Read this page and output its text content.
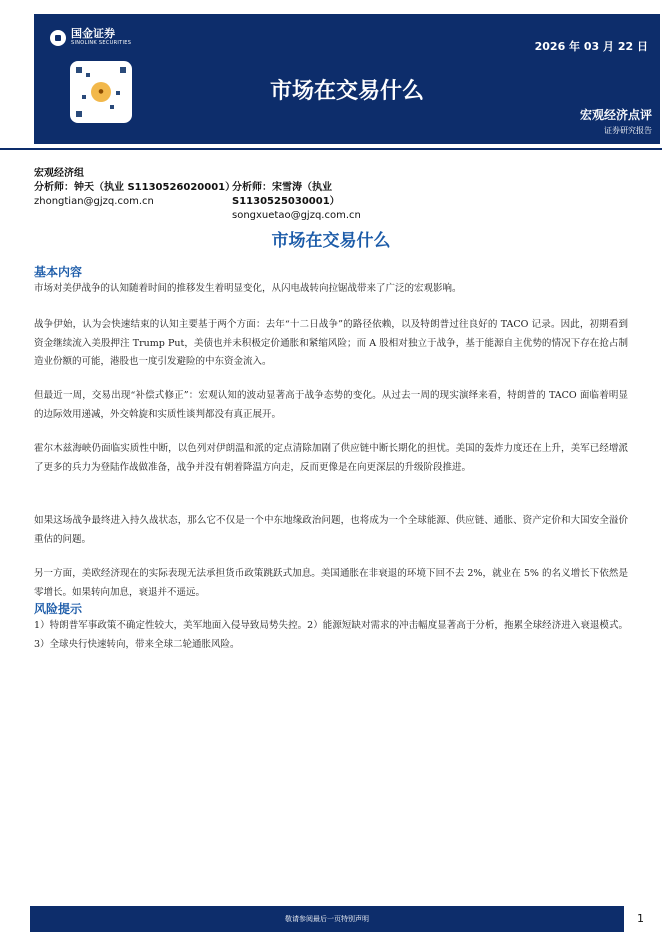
国金证券
SINOLINK SECURITIES
●
2026 年 03 月 22 日
市场在交易什么
宏观经济点评
证券研究报告
宏观经济组
分析师：钟天（执业 S1130526020001）
zhongtian@gjzq.com.cn
分析师：宋雪涛（执业 S1130525030001）
songxuetao@gjzq.com.cn
市场在交易什么
基本内容
市场对美伊战争的认知随着时间的推移发生着明显变化，从闪电战转向拉锯战带来了广泛的宏观影响。
战争伊始，认为会快速结束的认知主要基于两个方面：去年“十二日战争”的路径依赖，以及特朗普过往良好的 TACO 记录。因此，初期看到资金继续流入美股押注 Trump Put，美债也并未积极定价通胀和紧缩风险；而 A 股相对独立于战争，基于能源自主优势的情况下存在抢占制造业份额的可能，港股也一度引发避险的中东资金流入。
但最近一周，交易出现“补偿式修正”：宏观认知的波动显著高于战争态势的变化。从过去一周的现实演绎来看，特朗普的 TACO 面临着明显的边际效用递减，外交斡旋和实质性谈判都没有真正展开。
霍尔木兹海峡仍面临实质性中断，以色列对伊朗温和派的定点清除加剧了供应链中断长期化的担忧。美国的轰炸力度还在上升，美军已经增派了更多的兵力为登陆作战做准备，战争并没有朝着降温方向走，反而更像是在向更深层的升级阶段推进。
如果这场战争最终进入持久战状态，那么它不仅是一个中东地缘政治问题，也将成为一个全球能源、供应链、通胀、资产定价和大国安全溢价重估的问题。
另一方面，美欧经济现在的实际表现无法承担货币政策跳跃式加息。美国通胀在非衰退的环境下回不去 2%，就业在 5% 的名义增长下依然是零增长。如果转向加息，衰退并不遥远。
风险提示
1）特朗普军事政策不确定性较大，美军地面入侵导致局势失控。2）能源短缺对需求的冲击幅度显著高于分析，拖累全球经济进入衰退模式。3）全球央行快速转向，带来全球二轮通胀风险。
敬请参阅最后一页特别声明	1
